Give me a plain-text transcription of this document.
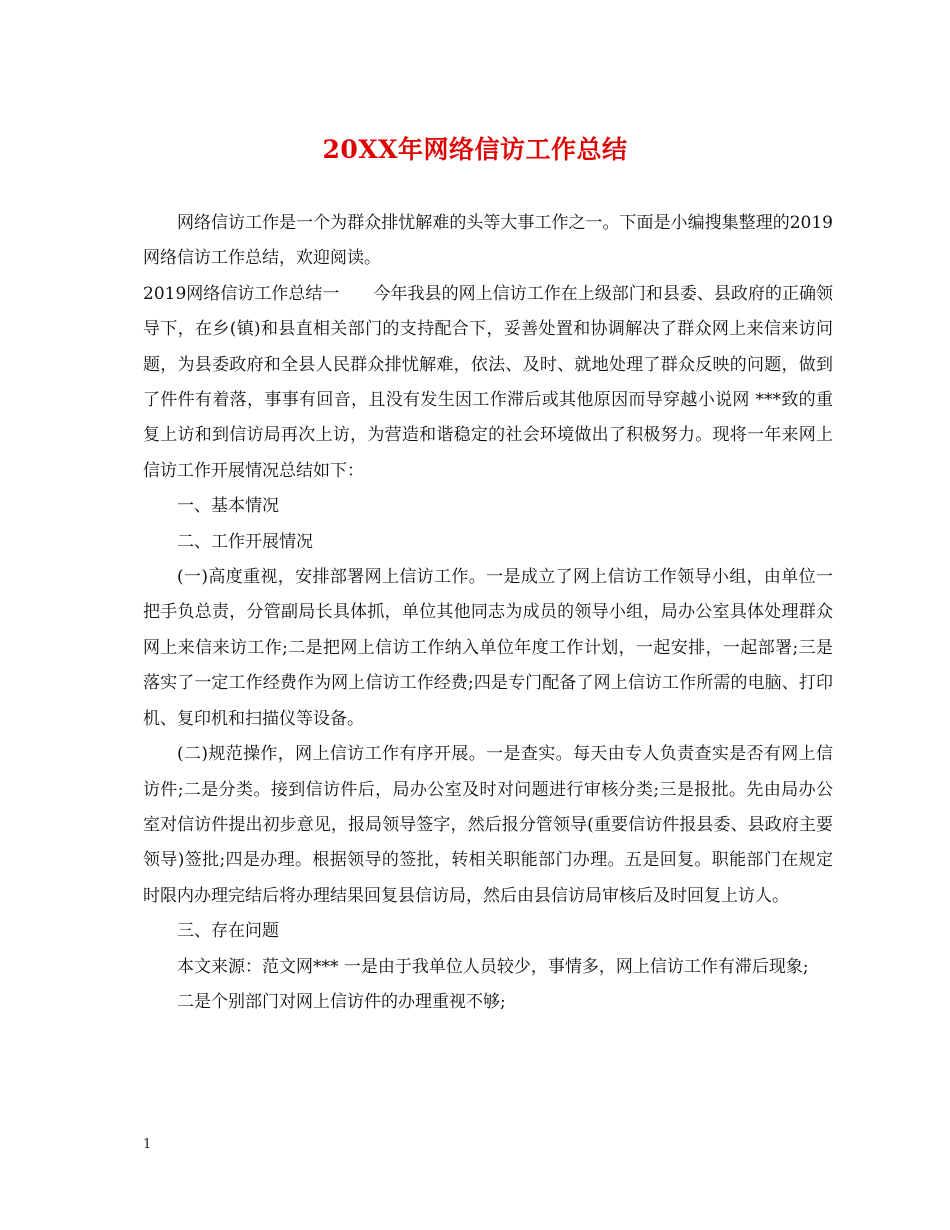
20XX年网络信访工作总结

网络信访工作是一个为群众排忧解难的头等大事工作之一。下面是小编搜集整理的2019网络信访工作总结，欢迎阅读。

2019网络信访工作总结一　　今年我县的网上信访工作在上级部门和县委、县政府的正确领导下，在乡(镇)和县直相关部门的支持配合下，妥善处置和协调解决了群众网上来信来访问题，为县委政府和全县人民群众排忧解难，依法、及时、就地处理了群众反映的问题，做到了件件有着落，事事有回音，且没有发生因工作滞后或其他原因而导穿越小说网 ***致的重复上访和到信访局再次上访，为营造和谐稳定的社会环境做出了积极努力。现将一年来网上信访工作开展情况总结如下：

一、基本情况

二、工作开展情况

(一)高度重视，安排部署网上信访工作。一是成立了网上信访工作领导小组，由单位一把手负总责，分管副局长具体抓，单位其他同志为成员的领导小组，局办公室具体处理群众网上来信来访工作;二是把网上信访工作纳入单位年度工作计划，一起安排，一起部署;三是落实了一定工作经费作为网上信访工作经费;四是专门配备了网上信访工作所需的电脑、打印机、复印机和扫描仪等设备。

(二)规范操作，网上信访工作有序开展。一是查实。每天由专人负责查实是否有网上信访件;二是分类。接到信访件后，局办公室及时对问题进行审核分类;三是报批。先由局办公室对信访件提出初步意见，报局领导签字，然后报分管领导(重要信访件报县委、县政府主要领导)签批;四是办理。根据领导的签批，转相关职能部门办理。五是回复。职能部门在规定时限内办理完结后将办理结果回复县信访局，然后由县信访局审核后及时回复上访人。

三、存在问题

本文来源：范文网*** 一是由于我单位人员较少，事情多，网上信访工作有滞后现象;

二是个别部门对网上信访件的办理重视不够;

1
